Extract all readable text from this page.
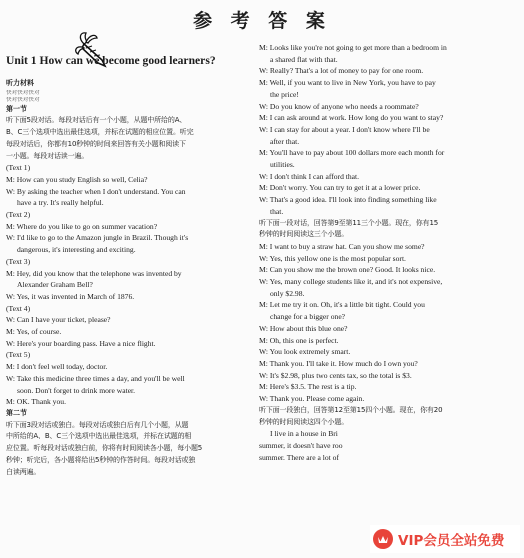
参 考 答 案
Unit 1 How can we become good learners?

听力材料

快对快对快对

快对快对快对

第一节

听下面5段对话。每段对话后有一个小题，从题中所给的A、

B、C三个选项中选出最佳选项，并标在试题的相应位置。听完

每段对话后，你都有10秒钟的时间来回答有关小题和阅读下

一小题。每段对话读一遍。

(Text 1)

M: How can you study English so well, Celia?

W: By asking the teacher when I don't understand. You can

have a try. It's really helpful.

(Text 2)

M: Where do you like to go on summer vacation?

W: I'd like to go to the Amazon jungle in Brazil. Though it's

dangerous, it's interesting and exciting.

(Text 3)

M: Hey, did you know that the telephone was invented by

Alexander Graham Bell?

W: Yes, it was invented in March of 1876.

(Text 4)

W: Can I have your ticket, please?

M: Yes, of course.

W: Here's your boarding pass. Have a nice flight.

(Text 5)

M: I don't feel well today, doctor.

W: Take this medicine three times a day, and you'll be well

soon. Don't forget to drink more water.

M: OK. Thank you.

第二节

听下面3段对话或独白。每段对话或独白后有几个小题，从题

中所给的A、B、C三个选项中选出最佳选项，并标在试题的相

应位置。听每段对话或独白前，你将有时间阅读各小题，每小题5

秒钟；听完后，各小题将给出5秒钟的作答时间。每段对话或独

白读两遍。

M: Looks like you're not going to get more than a bedroom in

a shared flat with that.

W: Really? That's a lot of money to pay for one room.

M: Well, if you want to live in New York, you have to pay

the price!

W: Do you know of anyone who needs a roommate?

M: I can ask around at work. How long do you want to stay?

W: I can stay for about a year. I don't know where I'll be

after that.

M: You'll have to pay about 100 dollars more each month for

utilities.

W: I don't think I can afford that.

M: Don't worry. You can try to get it at a lower price.

W: That's a good idea. I'll look into finding something like

that.

听下面一段对话，回答第9至第11三个小题。现在，你有15

秒钟的时间阅读这三个小题。

M: I want to buy a straw hat. Can you show me some?

W: Yes, this yellow one is the most popular sort.

M: Can you show me the brown one? Good. It looks nice.

W: Yes, many college students like it, and it's not expensive,

only $2.98.

M: Let me try it on. Oh, it's a little bit tight. Could you

change for a bigger one?

W: How about this blue one?

M: Oh, this one is perfect.

W: You look extremely smart.

M: Thank you. I'll take it. How much do I own you?

W: It's $2.98, plus two cents tax, so the total is $3.

M: Here's $3.5. The rest is a tip.

W: Thank you. Please come again.

听下面一段独白，回答第12至第15四个小题。现在，你有20

秒钟的时间阅读这四个小题。

I live in a house in Bri

summer, it doesn't have roo

summer. There are a lot of

VIP会员全站免费
